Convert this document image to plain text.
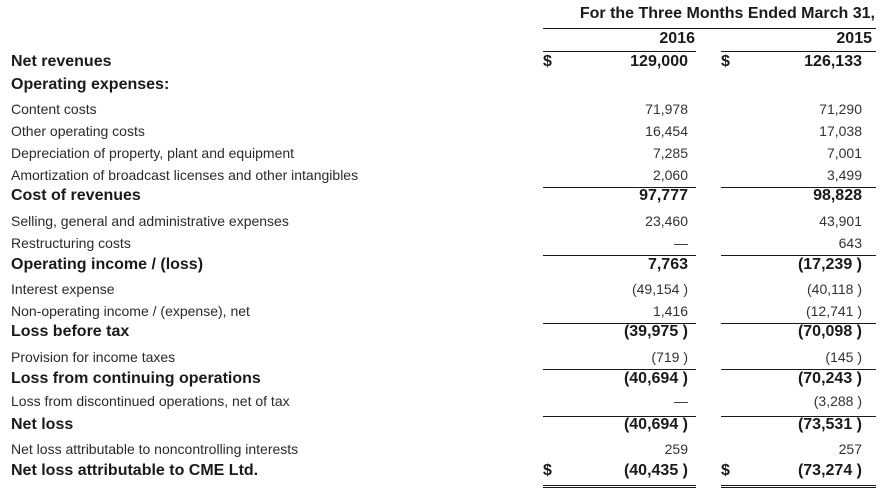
For the Three Months Ended March 31,
2016	2015
Net revenues	129,000	126,133
$	$
Operating expenses:
Content costs	71,978	71,290
Other operating costs	16,454	17,038
Depreciation of property, plant and equipment	7,285	7,001
Amortization of broadcast licenses and other intangibles	2,060	3,499
Cost of revenues	97,777	98,828
Selling, general and administrative expenses	23,460	43,901
Restructuring costs	—	643
Operating income / (loss)	7,763	(17,239 )
Interest expense	(49,154 )	(40,118 )
Non-operating income / (expense), net	1,416	(12,741 )
Loss before tax	(39,975 )	(70,098 )
Provision for income taxes	(719 )	(145 )
Loss from continuing operations	(40,694 )	(70,243 )
Loss from discontinued operations, net of tax	—	(3,288 )
Net loss	(40,694 )	(73,531 )
Net loss attributable to noncontrolling interests	259	257
Net loss attributable to CME Ltd.	(40,435 )	(73,274 )
$	$
